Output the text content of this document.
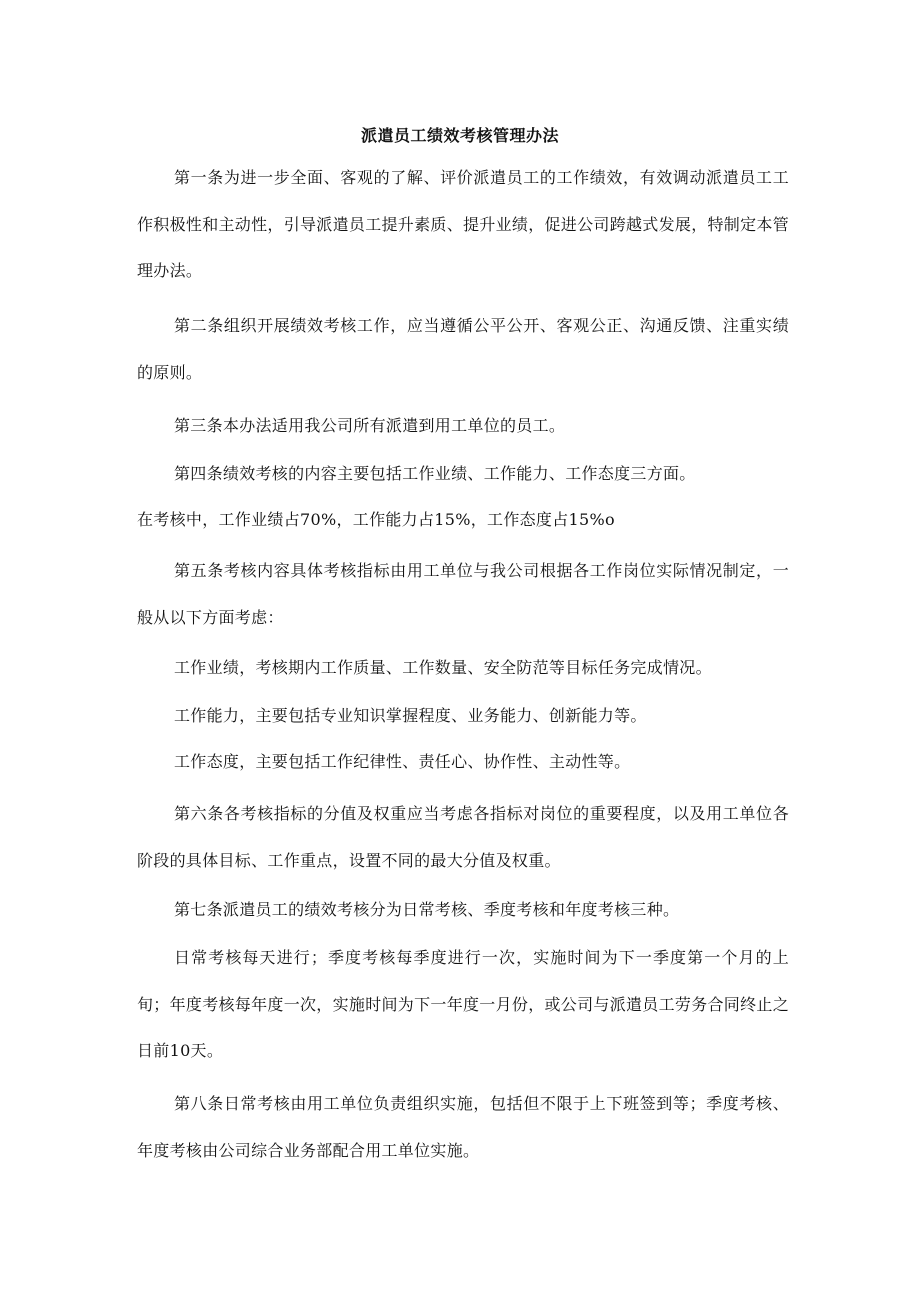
派遣员工绩效考核管理办法

第一条为进一步全面、客观的了解、评价派遣员工的工作绩效，有效调动派遣员工工作积极性和主动性，引导派遣员工提升素质、提升业绩，促进公司跨越式发展，特制定本管理办法。

第二条组织开展绩效考核工作，应当遵循公平公开、客观公正、沟通反馈、注重实绩的原则。

第三条本办法适用我公司所有派遣到用工单位的员工。

第四条绩效考核的内容主要包括工作业绩、工作能力、工作态度三方面。

在考核中，工作业绩占70%，工作能力占15%，工作态度占15%o

第五条考核内容具体考核指标由用工单位与我公司根据各工作岗位实际情况制定，一般从以下方面考虑：

工作业绩，考核期内工作质量、工作数量、安全防范等目标任务完成情况。

工作能力，主要包括专业知识掌握程度、业务能力、创新能力等。

工作态度，主要包括工作纪律性、责任心、协作性、主动性等。

第六条各考核指标的分值及权重应当考虑各指标对岗位的重要程度，以及用工单位各阶段的具体目标、工作重点，设置不同的最大分值及权重。

第七条派遣员工的绩效考核分为日常考核、季度考核和年度考核三种。

日常考核每天进行；季度考核每季度进行一次，实施时间为下一季度第一个月的上旬；年度考核每年度一次，实施时间为下一年度一月份，或公司与派遣员工劳务合同终止之日前10天。

第八条日常考核由用工单位负责组织实施，包括但不限于上下班签到等；季度考核、年度考核由公司综合业务部配合用工单位实施。
